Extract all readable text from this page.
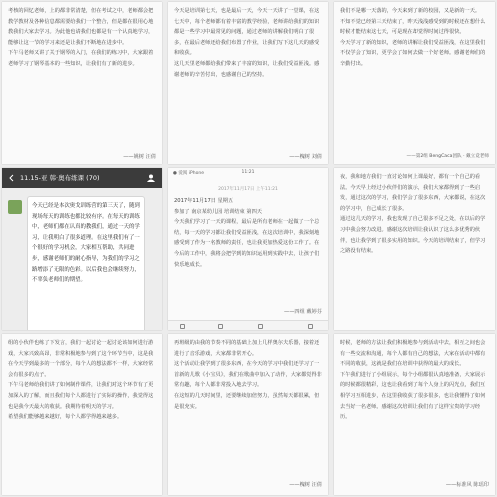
考核的回忆老师，上的都非常清楚，但在考试之中，老师都会把教学教材及各种信息都需要给我们一个整合，但是都在很用心地教我们大家去学习。为此他也请我们也都是有一个认真地学习，能够让这一节的学习来还是让我们不断地在进步中。
下午马老师又讲了关于钢琴的入门，在我们的练习中，大家跟着老师学习了钢琴基本的一些知识，让我们有了新的进步。
——姚树 汪倩
今天是培训第七天，也是最后一天，今天一天讲了一堂课，在这七天中，每个老师都有着丰富的教学经验，老师讲给我们的知识都是一些学习中最常见的问题，通过老师的讲解我们明白了很多，在最后老师还给我们布置了作业，让我们写下这几天的感受和收获。
这几天里老师都给我们带来了丰富的知识，让我们受益匪浅。感谢老师的辛苦付出，也感谢自己的坚持。
——槐树 刘倩
我们不是哪一天落的，今天来到了新的校园，又是新的一天。
不知不觉已经第三天结束了，昨天浅浅感受到的时候还在想什么时候才能结束这七天，可是现在却觉得时间过得很快。
今天学习了新的知识，老师的讲解让我们受益匪浅，在这里我们不仅学会了知识，更学会了如何去做一个好老师。感谢老师们的辛勤付出。
——第2组 BengCaca团队 · 戴立竞老师
11.15-亚 韩·奥布练课 (70)
今天已经是本次奥戈训练营的第三天了，随到现场每天的训练也都比较有序。在每天的训练中，老师们都在认真的教我们，通过一天的学习，让我明白了很多道理。在这里我们有了一个很好的学习机会，大家相互帮助，共同进步，感谢老师们的耐心指导，为我们的学习之路增添了无限的色彩。以后我也会继续努力，不辜负老师们的期望。
● 爱阅 iPhone	11:21
2017年11月17日 上午11:21
2017年11月17日 星期五
参加了 南京某幼儿园 培训结束 第四天
今天我们学习了一天的课程，最后是所有老师在一起做了一个总结，每一天的学习都让我们受益匪浅，在这次培训中，我深刻地感受到了作为一名教师的责任，也让我更加热爱这份工作了。在今后的工作中，我将会把学到的知识运用到实践中去，让孩子们快乐地成长。
——四组 戴婷芬
夜，我和地方我们一直讨论如何上课最好，都有一个自己的看法。今天早上经过小伙伴们的演示，我们大家都得到了一些启发，通过这次的学习，我们学会了很多东西，大家都说，在这次的学习中，自己成长了很多。
通过这几天的学习，我也发现了自己很多不足之处，在以后的学习中我会努力改进。感谢这次培训让我认识了这么多优秀的伙伴，也让我学到了很多实用的知识。今天的培训结束了，但学习之路没有结束。
组的小伙伴也练了下发言，我们一起讨论一起讨论该如何进行游戏，大家兴致高昂，非常积极地参与到了这个环节当中，这是我在今天学到最多的一个部分，每个人的想法都不一样，大家经常会有很多的点子。
下午马老师给我们讲了如何制作课件，让我们对这个环节有了更加深入的了解，而且我们每个人都进行了实际的操作，我觉得这也是我今天最大的收获。我期待着明天的学习。
希望我们能够越来越好，每个人都学得越来越多。
再班级的由我的节奏不同的基础上加上几样奥尔夫乐器，接着还进行了音乐游戏，大家都非常开心。
这个活动让我学到了很多东西，在今天的学习中我们还学习了一首新的儿歌《小宝贝》，我们在歌曲中加入了动作，大家都觉得非常有趣，每个人都非常投入地去学习。
在这短的几天时间里，还要继续加倍努力，虽然每天都很累，但是很充实。
——槐树 汪倩
时候，老师的方法让我们积极地参与到活动中去，相互之间也会有一些交流和沟通，每个人都有自己的想法，大家在活动中都有不同的收获，这就是我们在培训中获得的最大的成长。
下午我们进行了小组展示，每个小组都很认真地准备，大家展示的时候都很精彩，这也让我看到了每个人身上的闪光点，我们互相学习互相进步，在这里我收获了很多很多，也让我懂得了如何去当好一名老师。感谢这次培训让我们有了这样宝贵的学习经历。
——标准风 陈瑶印
